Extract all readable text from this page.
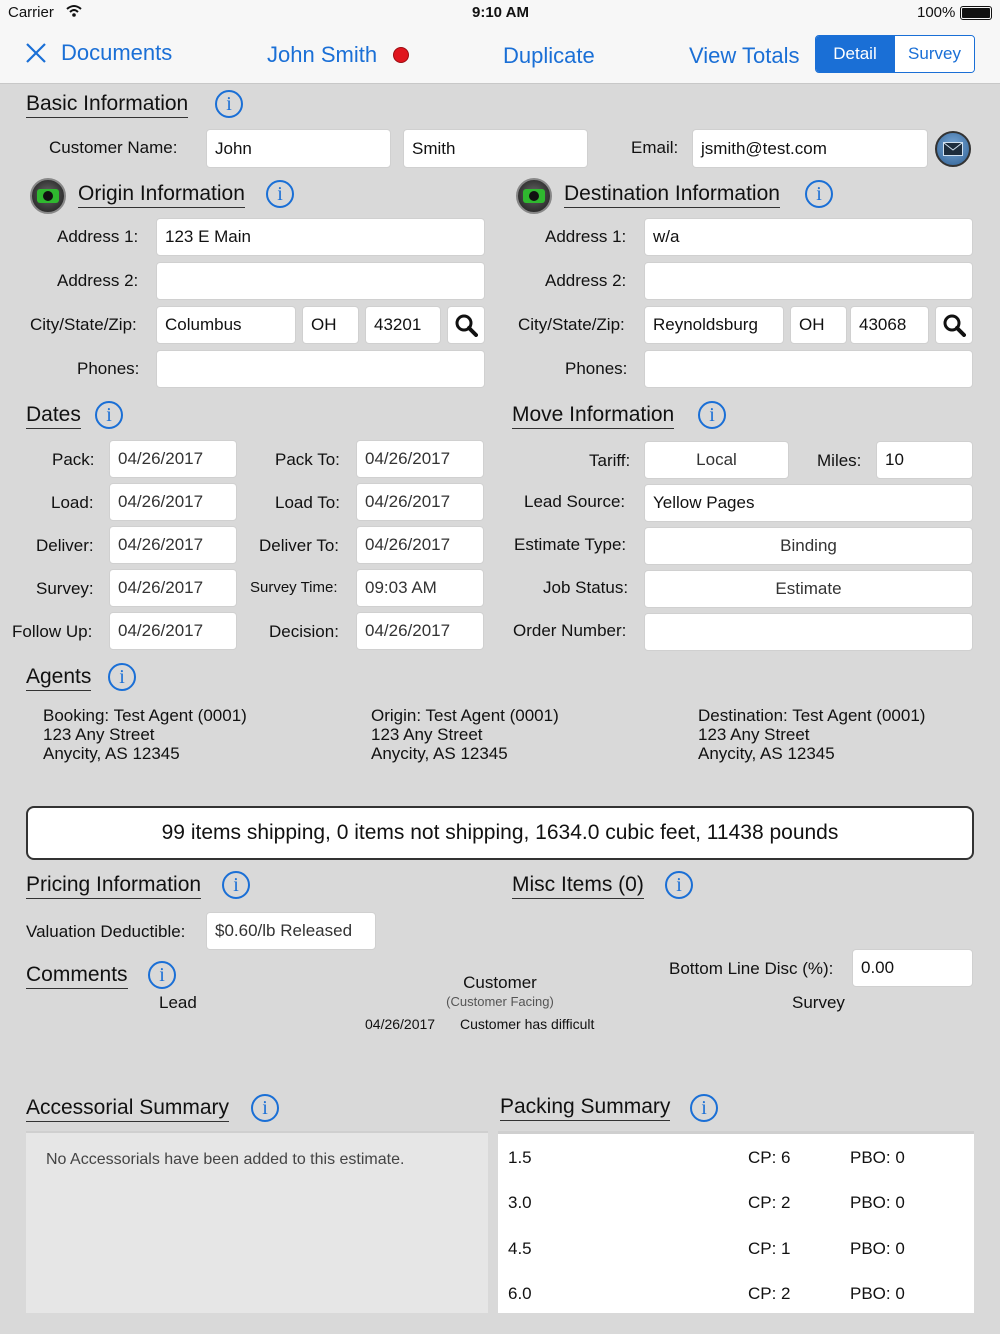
Carrier	9:10 AM	100%
Documents	John Smith	Duplicate	View Totals	Detail	Survey
Basic Information	i
Customer Name:	John	Smith	Email:	jsmith@test.com
Origin Information	i
Address 1:	123 E Main
Address 2:
City/State/Zip:	Columbus	OH	43201
Phones:
Destination Information	i
Address 1:	w/a
Address 2:
City/State/Zip:	Reynoldsburg	OH	43068
Phones:
Dates	i
Pack:	04/26/2017	Pack To:	04/26/2017
Load:	04/26/2017	Load To:	04/26/2017
Deliver:	04/26/2017	Deliver To:	04/26/2017
Survey:	04/26/2017	Survey Time:	09:03 AM
Follow Up:	04/26/2017	Decision:	04/26/2017
Move Information	i
Tariff:	Local	Miles:	10
Lead Source:	Yellow Pages
Estimate Type:	Binding
Job Status:	Estimate
Order Number:
Agents	i
Booking: Test Agent (0001)
123 Any Street
Anycity, AS 12345
Origin: Test Agent (0001)
123 Any Street
Anycity, AS 12345
Destination: Test Agent (0001)
123 Any Street
Anycity, AS 12345
99 items shipping, 0 items not shipping, 1634.0 cubic feet, 11438 pounds
Pricing Information	i
Valuation Deductible:	$0.60/lb Released
Misc Items (0)	i
Bottom Line Disc (%):	0.00
Comments	i
Lead
Customer
(Customer Facing)	Survey
04/26/2017 Customer has difficult
Accessorial Summary	i
No Accessorials have been added to this estimate.
Packing Summary	i
1.5	CP: 6	PBO: 0
3.0	CP: 2	PBO: 0
4.5	CP: 1	PBO: 0
6.0	CP: 2	PBO: 0
